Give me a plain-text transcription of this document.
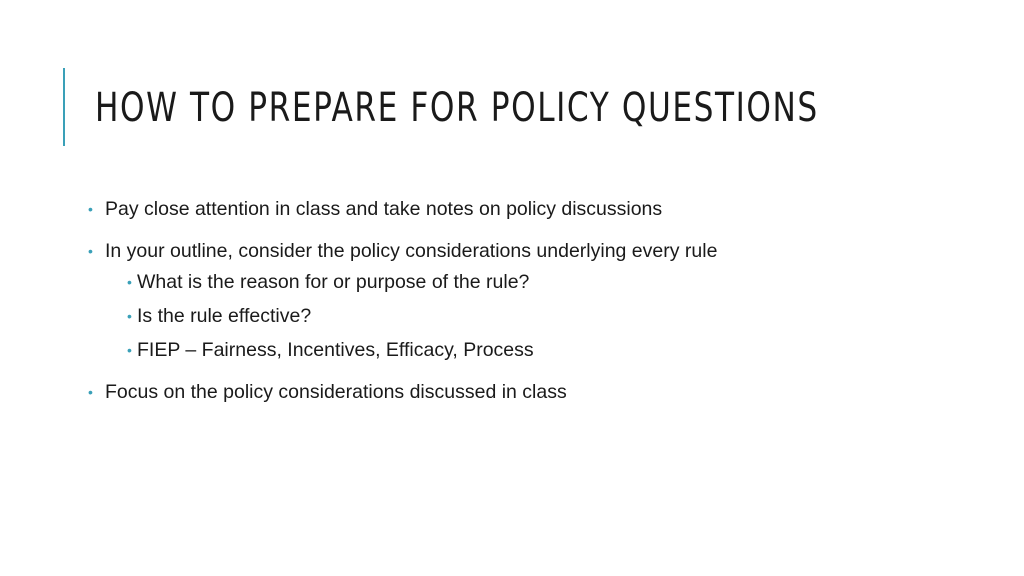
HOW TO PREPARE FOR POLICY QUESTIONS
• Pay close attention in class and take notes on policy discussions
• In your outline, consider the policy considerations underlying every rule
• What is the reason for or purpose of the rule?
• Is the rule effective?
• FIEP – Fairness, Incentives, Efficacy, Process
• Focus on the policy considerations discussed in class
